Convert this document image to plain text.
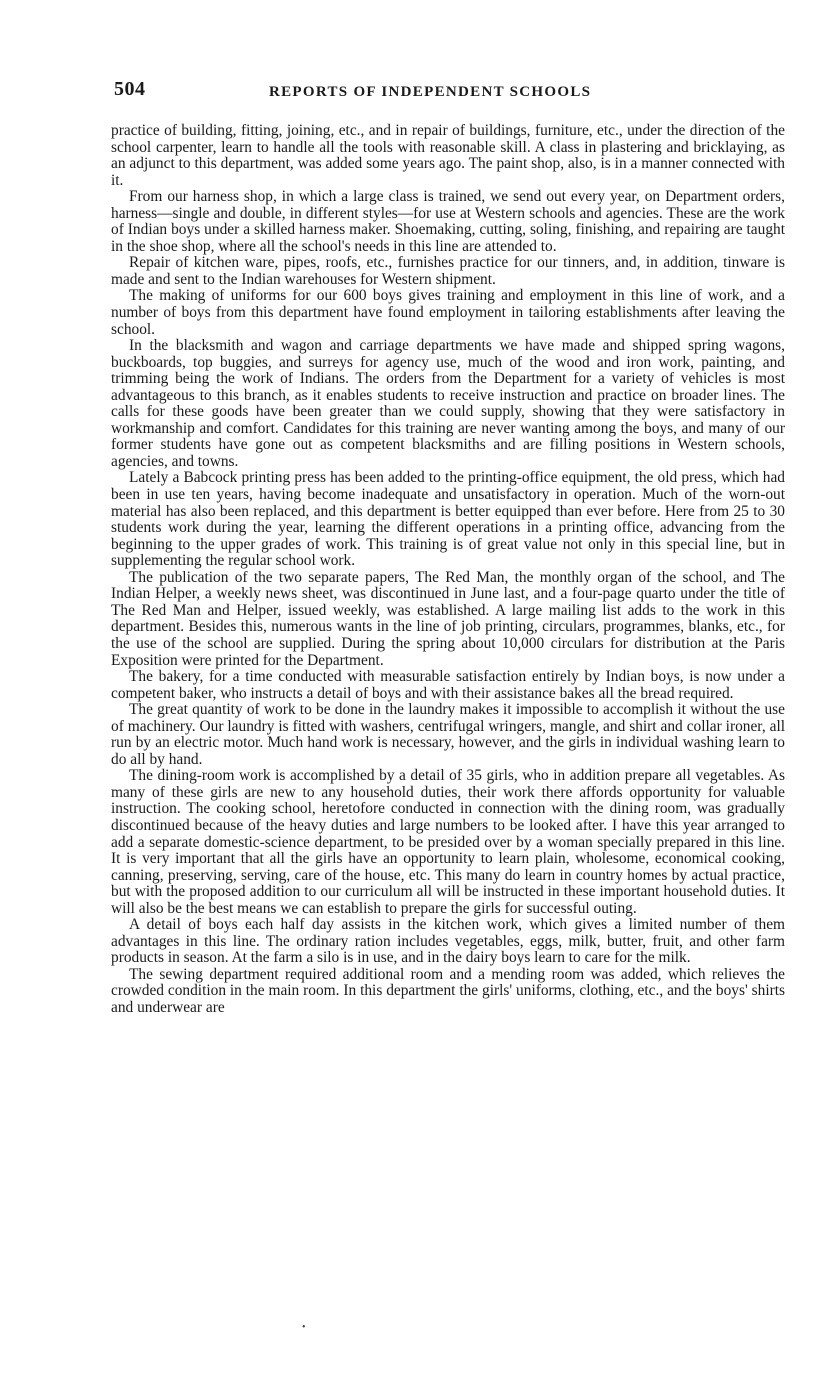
504	REPORTS OF INDEPENDENT SCHOOLS

practice of building, fitting, joining, etc., and in repair of buildings, furniture, etc., under the direction of the school carpenter, learn to handle all the tools with reasonable skill. A class in plastering and bricklaying, as an adjunct to this department, was added some years ago. The paint shop, also, is in a manner connected with it.

From our harness shop, in which a large class is trained, we send out every year, on Department orders, harness—single and double, in different styles—for use at Western schools and agencies. These are the work of Indian boys under a skilled harness maker. Shoemaking, cutting, soling, finishing, and repairing are taught in the shoe shop, where all the school's needs in this line are attended to.

Repair of kitchen ware, pipes, roofs, etc., furnishes practice for our tinners, and, in addition, tinware is made and sent to the Indian warehouses for Western shipment.

The making of uniforms for our 600 boys gives training and employment in this line of work, and a number of boys from this department have found employment in tailoring establishments after leaving the school.

In the blacksmith and wagon and carriage departments we have made and shipped spring wagons, buckboards, top buggies, and surreys for agency use, much of the wood and iron work, painting, and trimming being the work of Indians. The orders from the Department for a variety of vehicles is most advantageous to this branch, as it enables students to receive instruction and practice on broader lines. The calls for these goods have been greater than we could supply, showing that they were satisfactory in workmanship and comfort. Candidates for this training are never wanting among the boys, and many of our former students have gone out as competent blacksmiths and are filling positions in Western schools, agencies, and towns.

Lately a Babcock printing press has been added to the printing-office equipment, the old press, which had been in use ten years, having become inadequate and unsatisfactory in operation. Much of the worn-out material has also been replaced, and this department is better equipped than ever before. Here from 25 to 30 students work during the year, learning the different operations in a printing office, advancing from the beginning to the upper grades of work. This training is of great value not only in this special line, but in supplementing the regular school work.

The publication of the two separate papers, The Red Man, the monthly organ of the school, and The Indian Helper, a weekly news sheet, was discontinued in June last, and a four-page quarto under the title of The Red Man and Helper, issued weekly, was established. A large mailing list adds to the work in this department. Besides this, numerous wants in the line of job printing, circulars, programmes, blanks, etc., for the use of the school are supplied. During the spring about 10,000 circulars for distribution at the Paris Exposition were printed for the Department.

The bakery, for a time conducted with measurable satisfaction entirely by Indian boys, is now under a competent baker, who instructs a detail of boys and with their assistance bakes all the bread required.

The great quantity of work to be done in the laundry makes it impossible to accomplish it without the use of machinery. Our laundry is fitted with washers, centrifugal wringers, mangle, and shirt and collar ironer, all run by an electric motor. Much hand work is necessary, however, and the girls in individual washing learn to do all by hand.

The dining-room work is accomplished by a detail of 35 girls, who in addition prepare all vegetables. As many of these girls are new to any household duties, their work there affords opportunity for valuable instruction. The cooking school, heretofore conducted in connection with the dining room, was gradually discontinued because of the heavy duties and large numbers to be looked after. I have this year arranged to add a separate domestic-science department, to be presided over by a woman specially prepared in this line. It is very important that all the girls have an opportunity to learn plain, wholesome, economical cooking, canning, preserving, serving, care of the house, etc. This many do learn in country homes by actual practice, but with the proposed addition to our curriculum all will be instructed in these important household duties. It will also be the best means we can establish to prepare the girls for successful outing.

A detail of boys each half day assists in the kitchen work, which gives a limited number of them advantages in this line. The ordinary ration includes vegetables, eggs, milk, butter, fruit, and other farm products in season. At the farm a silo is in use, and in the dairy boys learn to care for the milk.

The sewing department required additional room and a mending room was added, which relieves the crowded condition in the main room. In this department the girls' uniforms, clothing, etc., and the boys' shirts and underwear are

•
